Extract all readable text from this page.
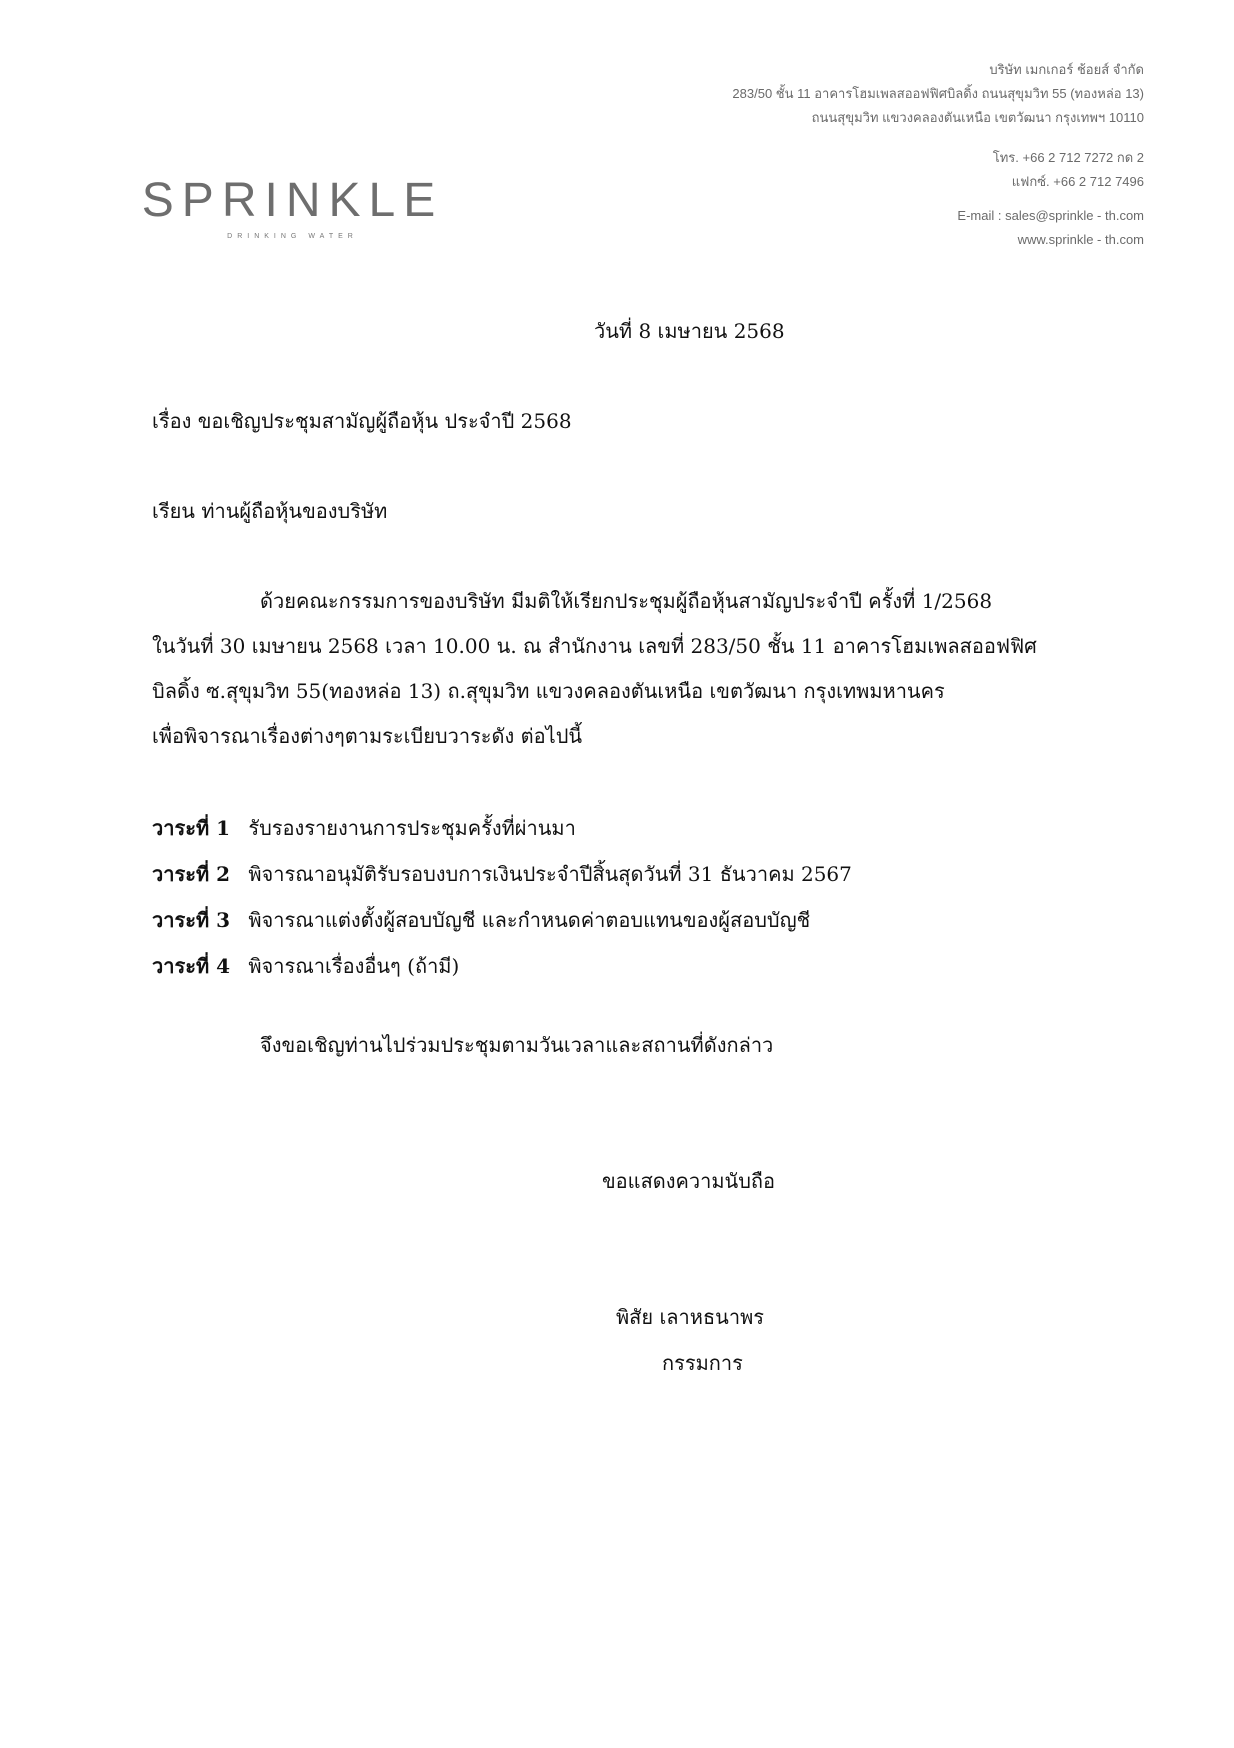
SPRINKLE
DRINKING WATER
บริษัท เมกเกอร์ ช้อยส์ จำกัด
283/50 ชั้น 11 อาคารโฮมเพลสออฟฟิศบิลดิ้ง ถนนสุขุมวิท 55 (ทองหล่อ 13)
ถนนสุขุมวิท แขวงคลองตันเหนือ เขตวัฒนา กรุงเทพฯ 10110
โทร. +66 2 712 7272 กด 2
แฟกซ์. +66 2 712 7496
E-mail : sales@sprinkle - th.com
www.sprinkle - th.com
วันที่ 8 เมษายน 2568
เรื่อง ขอเชิญประชุมสามัญผู้ถือหุ้น ประจำปี 2568
เรียน ท่านผู้ถือหุ้นของบริษัท
ด้วยคณะกรรมการของบริษัท มีมติให้เรียกประชุมผู้ถือหุ้นสามัญประจำปี ครั้งที่ 1/2568
ในวันที่ 30 เมษายน 2568 เวลา 10.00 น. ณ สำนักงาน เลขที่ 283/50 ชั้น 11 อาคารโฮมเพลสออฟฟิศ
บิลดิ้ง ซ.สุขุมวิท 55(ทองหล่อ 13) ถ.สุขุมวิท แขวงคลองตันเหนือ เขตวัฒนา กรุงเทพมหานคร
เพื่อพิจารณาเรื่องต่างๆตามระเบียบวาระดัง ต่อไปนี้
วาระที่ 1 รับรองรายงานการประชุมครั้งที่ผ่านมา
วาระที่ 2 พิจารณาอนุมัติรับรอบงบการเงินประจำปีสิ้นสุดวันที่ 31 ธันวาคม 2567
วาระที่ 3 พิจารณาแต่งตั้งผู้สอบบัญชี และกำหนดค่าตอบแทนของผู้สอบบัญชี
วาระที่ 4 พิจารณาเรื่องอื่นๆ (ถ้ามี)
จึงขอเชิญท่านไปร่วมประชุมตามวันเวลาและสถานที่ดังกล่าว
ขอแสดงความนับถือ
พิสัย เลาหธนาพร
กรรมการ
